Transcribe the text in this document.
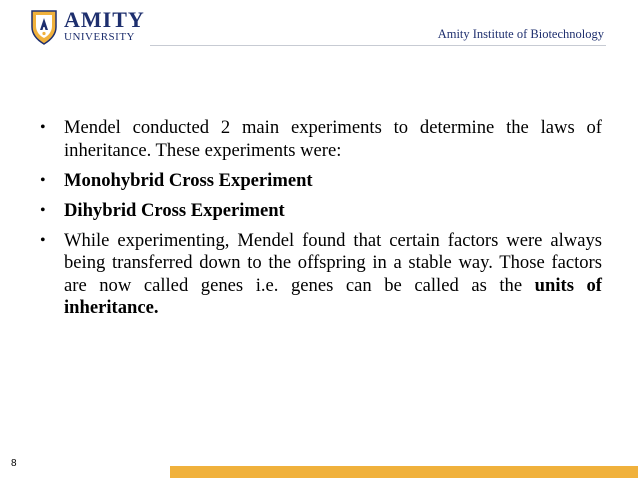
AMITY
UNIVERSITY	Amity Institute of Biotechnology
• Mendel conducted 2 main experiments to determine the laws of inheritance. These experiments were:
• Monohybrid Cross Experiment
• Dihybrid Cross Experiment
• While experimenting, Mendel found that certain factors were always being transferred down to the offspring in a stable way. Those factors are now called genes i.e. genes can be called as the units of inheritance.
8
